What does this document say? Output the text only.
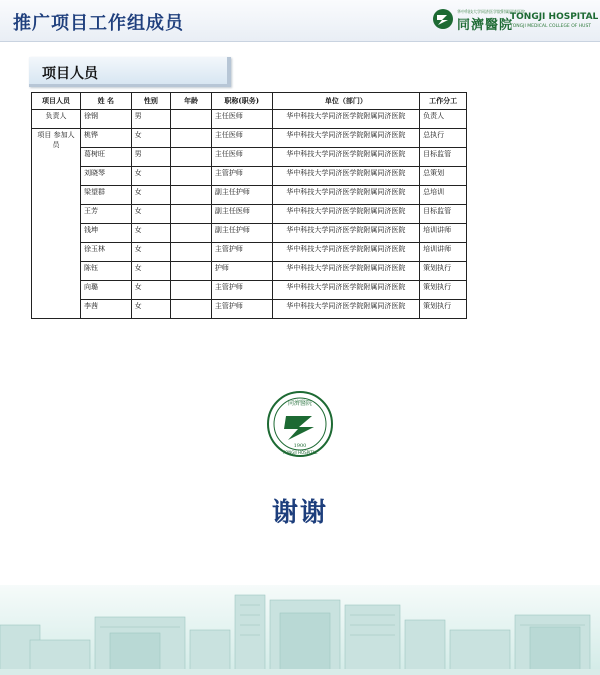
推广项目工作组成员
华中科技大学同济医学院附属同济医院
同濟醫院
TONGJI HOSPITAL
TONGJI MEDICAL COLLEGE OF HUST
项目人员
项目人员	姓 名	性别	年龄	职称(职务)	单位（部门）	工作分工
负责人	徐钢	男		主任医师	华中科技大学同济医学院附属同济医院	负责人
项目 参加人员	桃铧	女		主任医师	华中科技大学同济医学院附属同济医院	总执行
	葛树旺	男		主任医师	华中科技大学同济医学院附属同济医院	目标监管
	刘晓琴	女		主管护师	华中科技大学同济医学院附属同济医院	总策划
	梁望群	女		副主任护师	华中科技大学同济医学院附属同济医院	总培训
	王芳	女		副主任医师	华中科技大学同济医学院附属同济医院	目标监管
	钱坤	女		副主任护师	华中科技大学同济医学院附属同济医院	培训讲师
	徐玉林	女		主管护师	华中科技大学同济医学院附属同济医院	培训讲师
	陈钰	女		护师	华中科技大学同济医学院附属同济医院	策划执行
	向璐	女		主管护师	华中科技大学同济医学院附属同济医院	策划执行
	李茜	女		主管护师	华中科技大学同济医学院附属同济医院	策划执行
同濟醫院
1900
TONGJI HOSPITAL
谢谢
